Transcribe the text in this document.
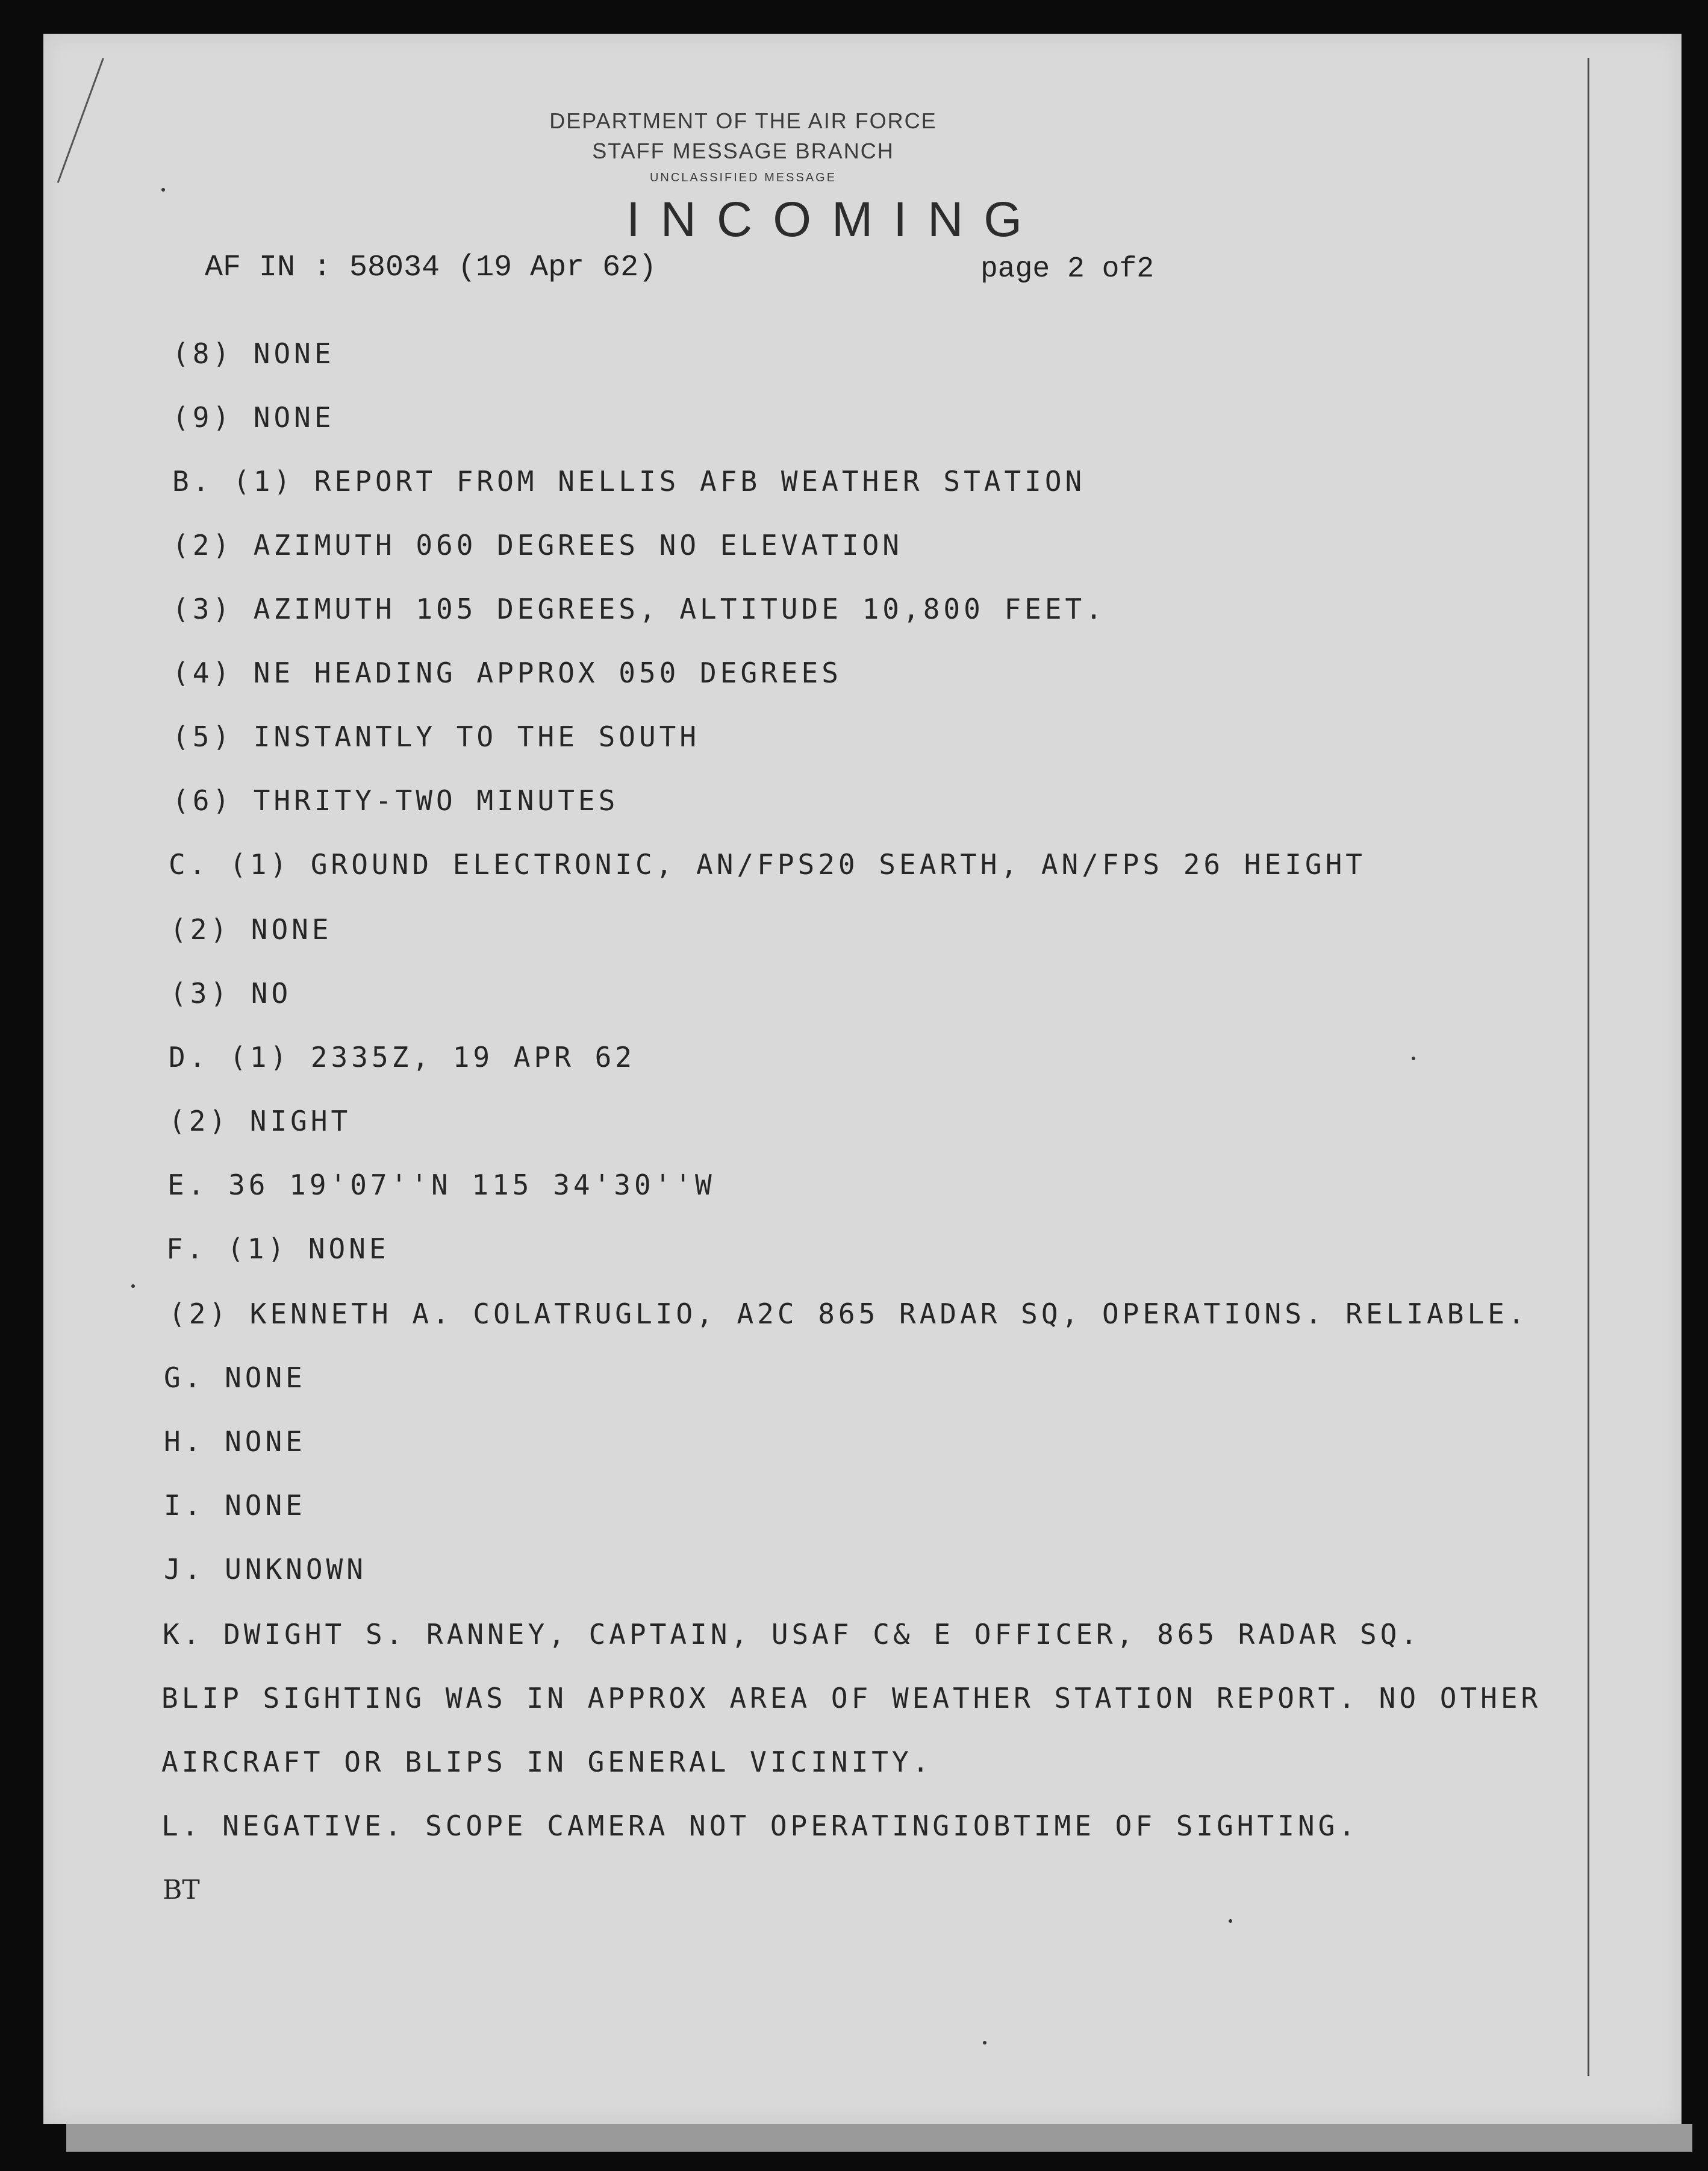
DEPARTMENT OF THE AIR FORCE
STAFF MESSAGE BRANCH
UNCLASSIFIED MESSAGE
INCOMING
AF IN : 58034 (19 Apr 62)	page 2 of2
(8) NONE
(9) NONE
B. (1) REPORT FROM NELLIS AFB WEATHER STATION
(2) AZIMUTH 060 DEGREES NO ELEVATION
(3) AZIMUTH 105 DEGREES, ALTITUDE 10,800 FEET.
(4) NE HEADING APPROX 050 DEGREES
(5) INSTANTLY TO THE SOUTH
(6) THRITY-TWO MINUTES
C. (1) GROUND ELECTRONIC, AN/FPS20 SEARTH, AN/FPS 26 HEIGHT
(2) NONE
(3) NO
D. (1) 2335Z, 19 APR 62
(2) NIGHT
E. 36 19'07''N 115 34'30''W
F. (1) NONE
(2) KENNETH A. COLATRUGLIO, A2C 865 RADAR SQ, OPERATIONS. RELIABLE.
G. NONE
H. NONE
I. NONE
J. UNKNOWN
K. DWIGHT S. RANNEY, CAPTAIN, USAF C& E OFFICER, 865 RADAR SQ.
BLIP SIGHTING WAS IN APPROX AREA OF WEATHER STATION REPORT. NO OTHER
AIRCRAFT OR BLIPS IN GENERAL VICINITY.
L. NEGATIVE. SCOPE CAMERA NOT OPERATINGIOBTIME OF SIGHTING.
BT
